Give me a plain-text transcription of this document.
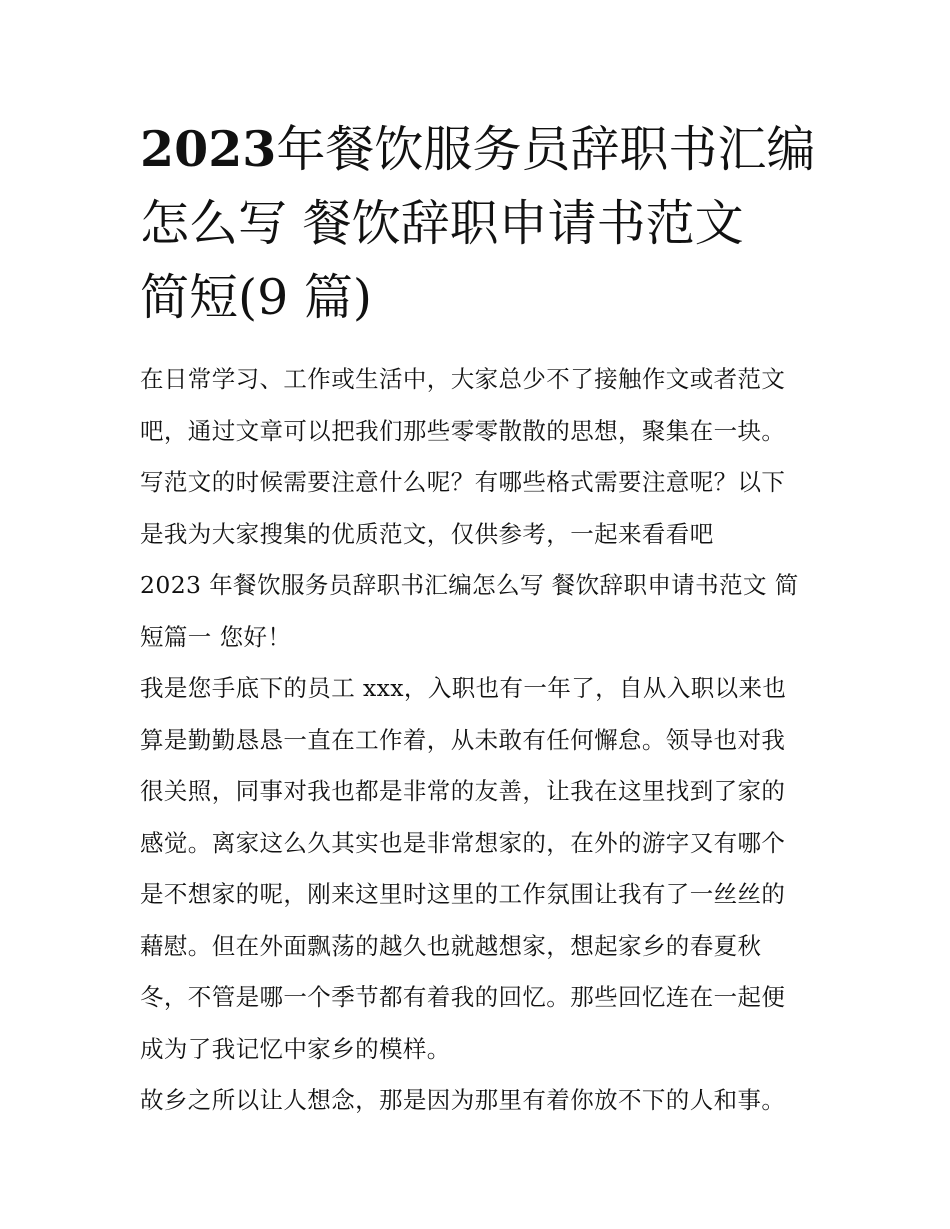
2023年餐饮服务员辞职书汇编
怎么写 餐饮辞职申请书范文
简短(9 篇)
在日常学习、工作或生活中，大家总少不了接触作文或者范文
吧，通过文章可以把我们那些零零散散的思想，聚集在一块。
写范文的时候需要注意什么呢？有哪些格式需要注意呢？以下
是我为大家搜集的优质范文，仅供参考，一起来看看吧
2023 年餐饮服务员辞职书汇编怎么写 餐饮辞职申请书范文 简
短篇一 您好！
我是您手底下的员工 xxx，入职也有一年了，自从入职以来也
算是勤勤恳恳一直在工作着，从未敢有任何懈怠。领导也对我
很关照，同事对我也都是非常的友善，让我在这里找到了家的
感觉。离家这么久其实也是非常想家的，在外的游字又有哪个
是不想家的呢，刚来这里时这里的工作氛围让我有了一丝丝的
藉慰。但在外面飘荡的越久也就越想家，想起家乡的春夏秋
冬，不管是哪一个季节都有着我的回忆。那些回忆连在一起便
成为了我记忆中家乡的模样。
故乡之所以让人想念，那是因为那里有着你放不下的人和事。
